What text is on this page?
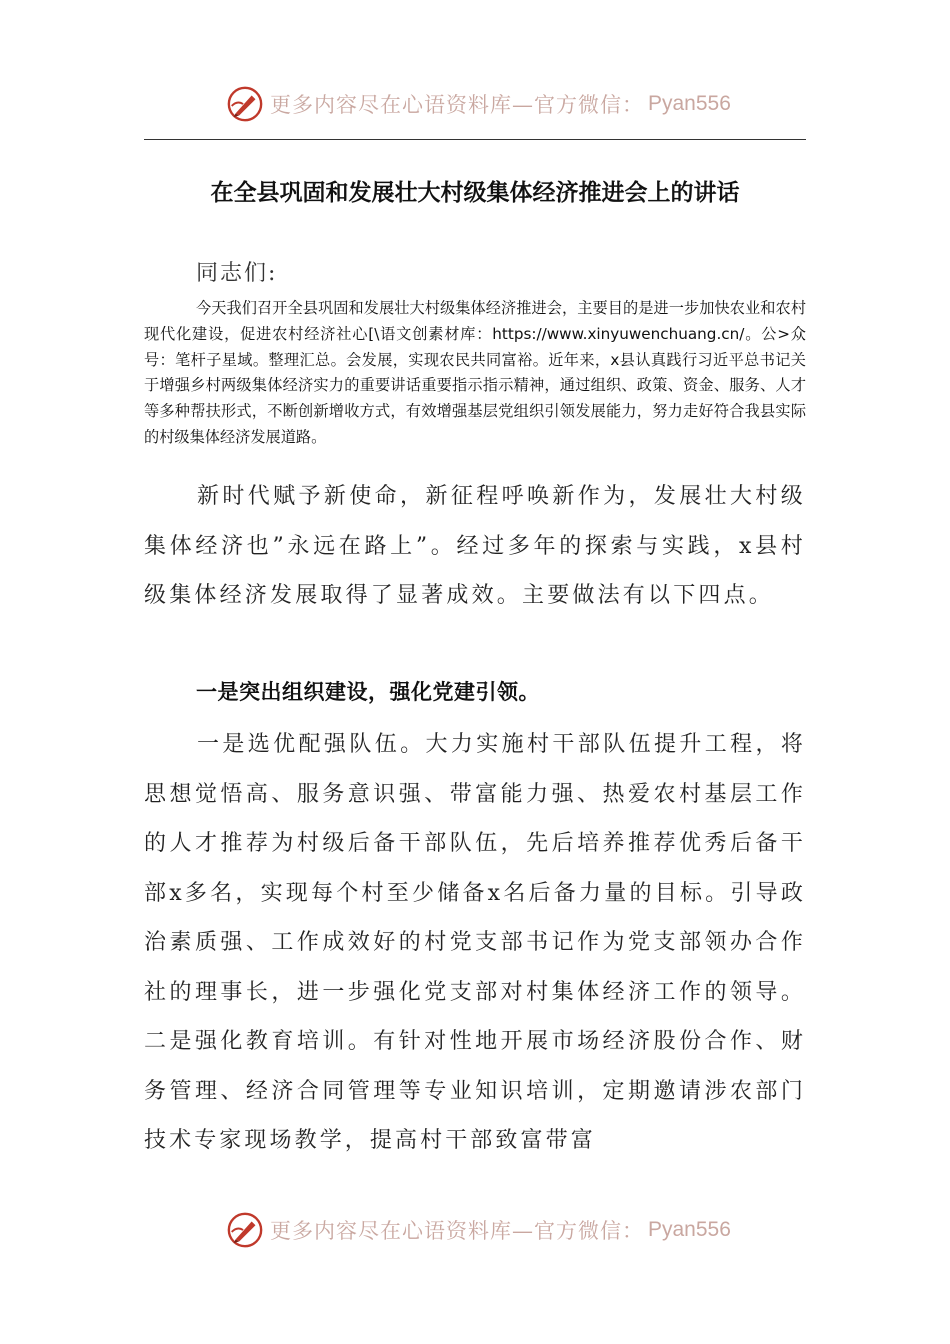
更多内容尽在心语资料库—官方微信： Pyan556
在全县巩固和发展壮大村级集体经济推进会上的讲话
同志们:
今天我们召开全县巩固和发展壮大村级集体经济推进会，主要目的是进一步加快农业和农村现代化建设，促进农村经济社心[\语文创素材库：https://www.xinyuwenchuang.cn/。公>众号：笔杆子星域。整理汇总。会发展，实现农民共同富裕。近年来，x县认真践行习近平总书记关于增强乡村两级集体经济实力的重要讲话重要指示指示精神，通过组织、政策、资金、服务、人才等多种帮扶形式，不断创新增收方式，有效增强基层党组织引领发展能力，努力走好符合我县实际的村级集体经济发展道路。
新时代赋予新使命，新征程呼唤新作为，发展壮大村级集体经济也”永远在路上”。经过多年的探索与实践，x县村级集体经济发展取得了显著成效。主要做法有以下四点。
一是突出组织建设，强化党建引领。
一是选优配强队伍。大力实施村干部队伍提升工程，将思想觉悟高、服务意识强、带富能力强、热爱农村基层工作的人才推荐为村级后备干部队伍，先后培养推荐优秀后备干部x多名，实现每个村至少储备x名后备力量的目标。引导政治素质强、工作成效好的村党支部书记作为党支部领办合作社的理事长，进一步强化党支部对村集体经济工作的领导。二是强化教育培训。有针对性地开展市场经济股份合作、财务管理、经济合同管理等专业知识培训，定期邀请涉农部门技术专家现场教学，提高村干部致富带富
更多内容尽在心语资料库—官方微信： Pyan556
